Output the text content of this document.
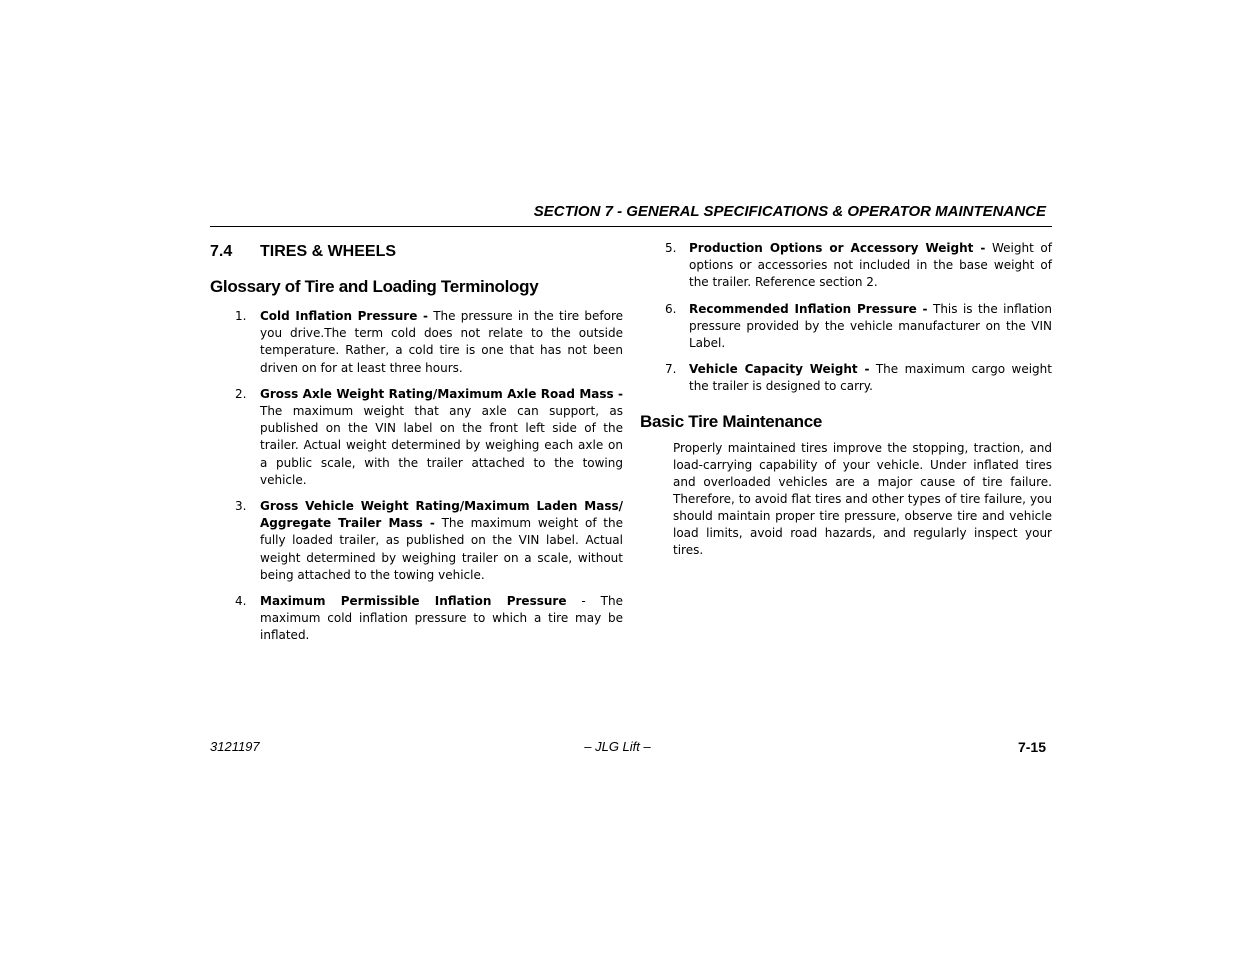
SECTION 7 - GENERAL SPECIFICATIONS & OPERATOR MAINTENANCE
7.4 TIRES & WHEELS
Glossary of Tire and Loading Terminology
1. Cold Inflation Pressure - The pressure in the tire before you drive.The term cold does not relate to the outside temperature. Rather, a cold tire is one that has not been driven on for at least three hours.
2. Gross Axle Weight Rating/Maximum Axle Road Mass - The maximum weight that any axle can support, as published on the VIN label on the front left side of the trailer. Actual weight determined by weighing each axle on a public scale, with the trailer attached to the towing vehicle.
3. Gross Vehicle Weight Rating/Maximum Laden Mass/ Aggregate Trailer Mass - The maximum weight of the fully loaded trailer, as published on the VIN label. Actual weight determined by weighing trailer on a scale, without being attached to the towing vehicle.
4. Maximum Permissible Inflation Pressure - The maximum cold inflation pressure to which a tire may be inflated.
5. Production Options or Accessory Weight - Weight of options or accessories not included in the base weight of the trailer. Reference section 2.
6. Recommended Inflation Pressure - This is the inflation pressure provided by the vehicle manufacturer on the VIN Label.
7. Vehicle Capacity Weight - The maximum cargo weight the trailer is designed to carry.
Basic Tire Maintenance

Properly maintained tires improve the stopping, traction, and load-carrying capability of your vehicle. Under inflated tires and overloaded vehicles are a major cause of tire failure. Therefore, to avoid flat tires and other types of tire failure, you should maintain proper tire pressure, observe tire and vehicle load limits, avoid road hazards, and regularly inspect your tires.

3121197	– JLG Lift –	7-15
